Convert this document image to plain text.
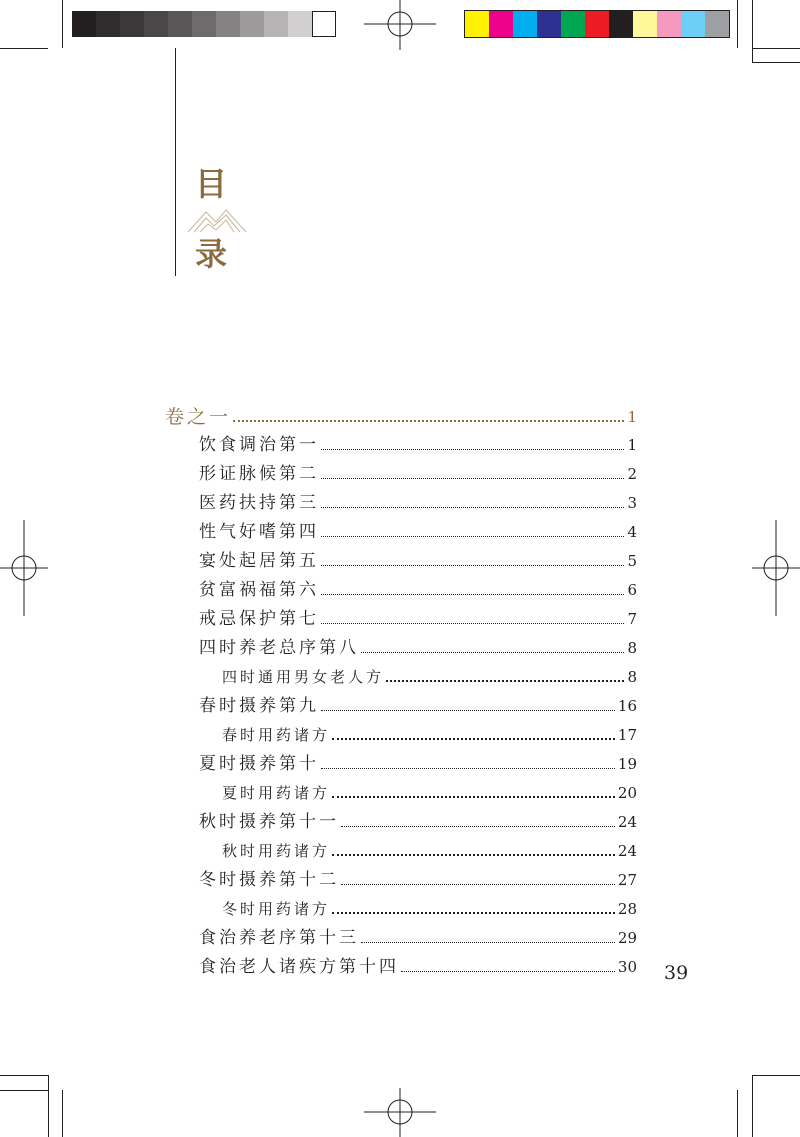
目
录
卷之一	1
饮食调治第一	1
形证脉候第二	2
医药扶持第三	3
性气好嗜第四	4
宴处起居第五	5
贫富祸福第六	6
戒忌保护第七	7
四时养老总序第八	8
四时通用男女老人方	8
春时摄养第九	16
春时用药诸方	17
夏时摄养第十	19
夏时用药诸方	20
秋时摄养第十一	24
秋时用药诸方	24
冬时摄养第十二	27
冬时用药诸方	28
食治养老序第十三	29
食治老人诸疾方第十四	30 39
